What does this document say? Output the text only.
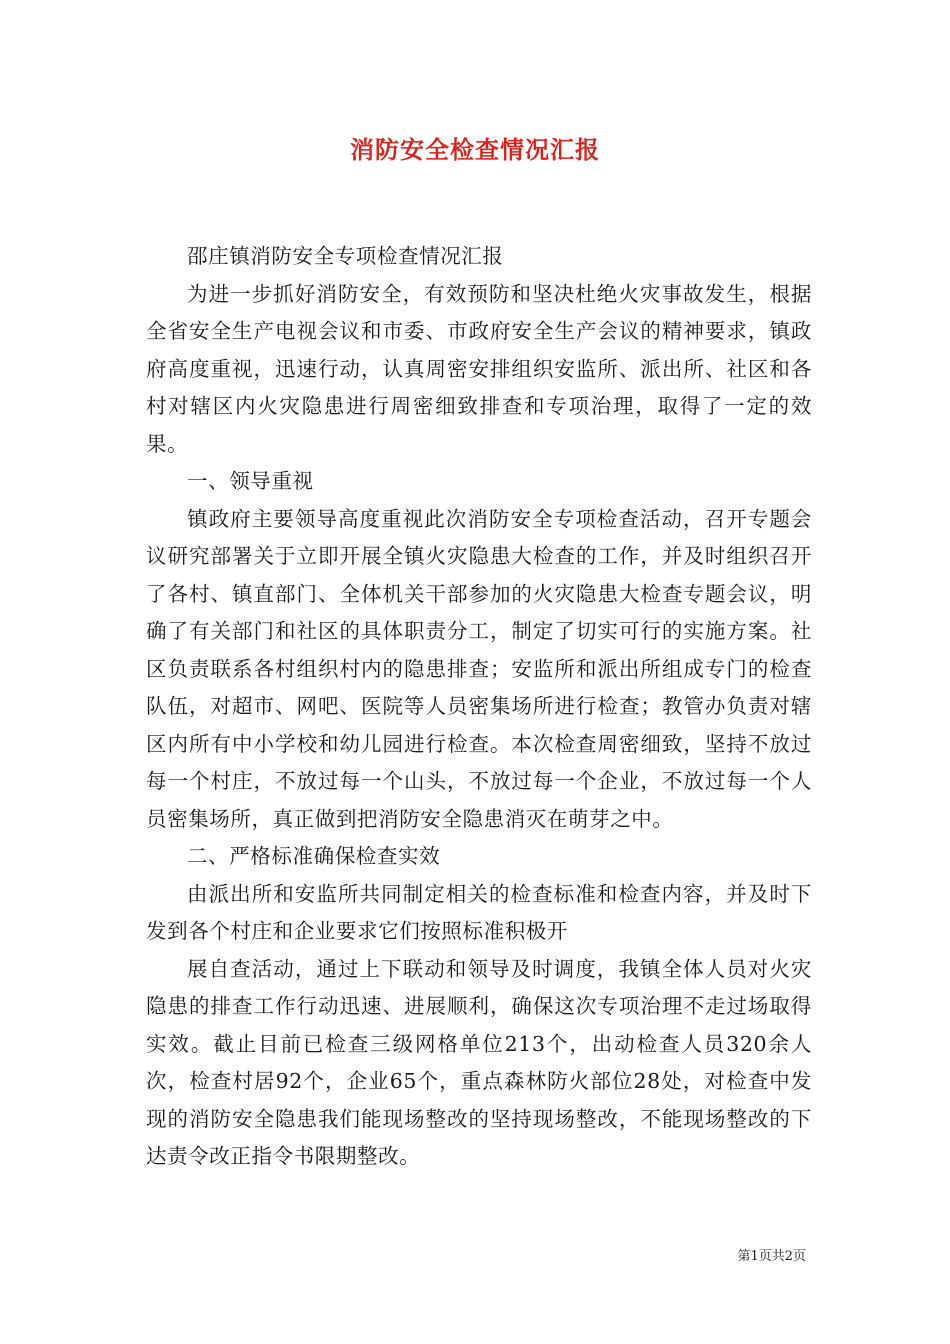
消防安全检查情况汇报

邵庄镇消防安全专项检查情况汇报

为进一步抓好消防安全，有效预防和坚决杜绝火灾事故发生，根据全省安全生产电视会议和市委、市政府安全生产会议的精神要求，镇政府高度重视，迅速行动，认真周密安排组织安监所、派出所、社区和各村对辖区内火灾隐患进行周密细致排查和专项治理，取得了一定的效果。

一、领导重视

镇政府主要领导高度重视此次消防安全专项检查活动，召开专题会议研究部署关于立即开展全镇火灾隐患大检查的工作，并及时组织召开了各村、镇直部门、全体机关干部参加的火灾隐患大检查专题会议，明确了有关部门和社区的具体职责分工，制定了切实可行的实施方案。社区负责联系各村组织村内的隐患排查；安监所和派出所组成专门的检查队伍，对超市、网吧、医院等人员密集场所进行检查；教管办负责对辖区内所有中小学校和幼儿园进行检查。本次检查周密细致，坚持不放过每一个村庄，不放过每一个山头，不放过每一个企业，不放过每一个人员密集场所，真正做到把消防安全隐患消灭在萌芽之中。

二、严格标准确保检查实效

由派出所和安监所共同制定相关的检查标准和检查内容，并及时下发到各个村庄和企业要求它们按照标准积极开

展自查活动，通过上下联动和领导及时调度，我镇全体人员对火灾隐患的排查工作行动迅速、进展顺利，确保这次专项治理不走过场取得实效。截止目前已检查三级网格单位213个，出动检查人员320余人次，检查村居92个，企业65个，重点森林防火部位28处，对检查中发现的消防安全隐患我们能现场整改的坚持现场整改，不能现场整改的下达责令改正指令书限期整改。

第1页共2页
